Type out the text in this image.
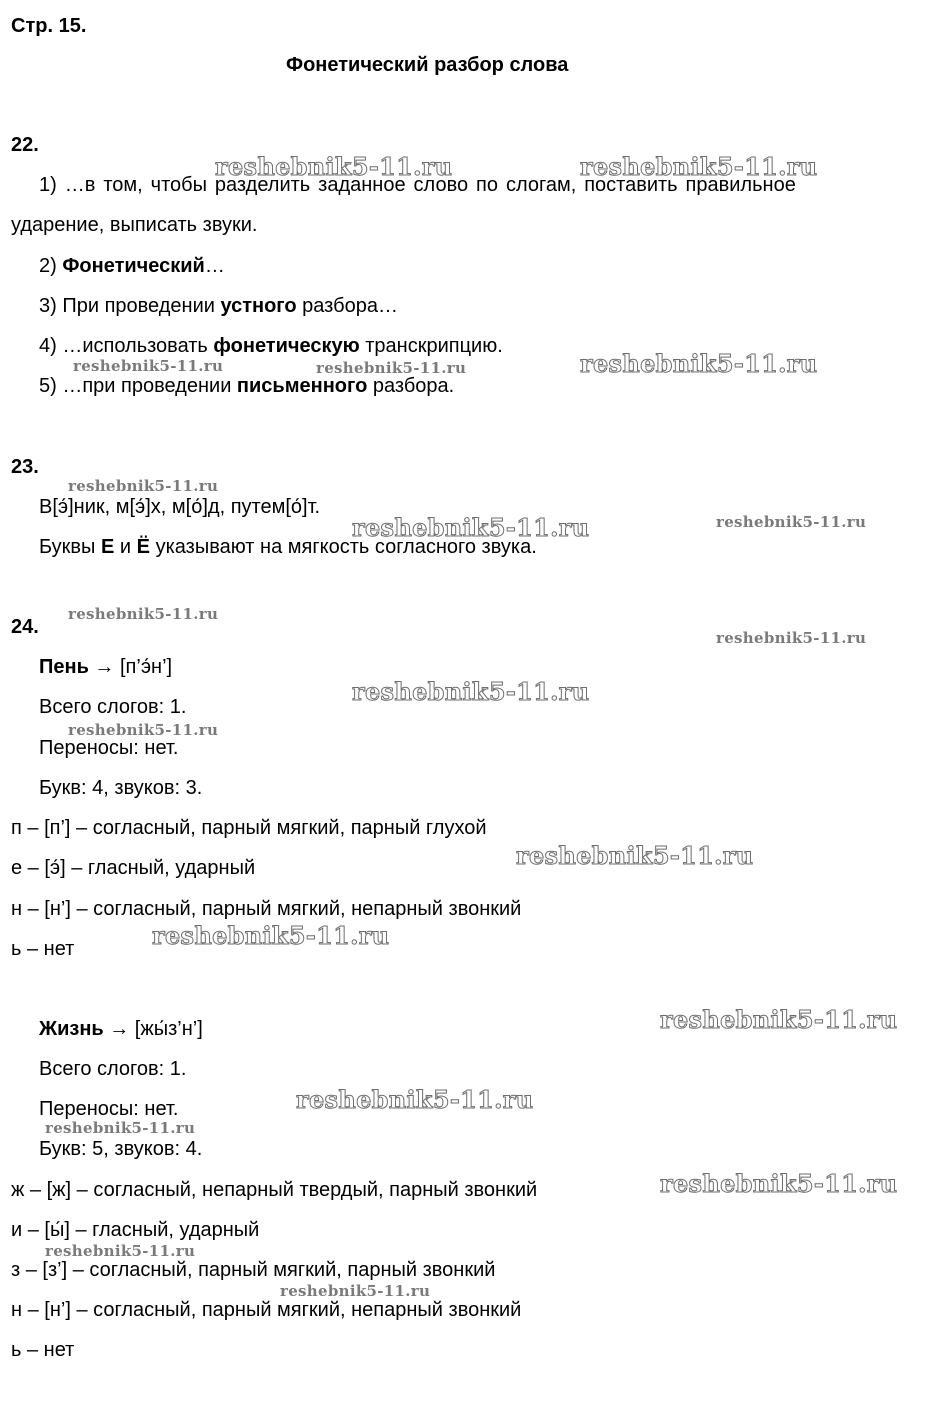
Стр. 15.
Фонетический разбор слова
22.
1) …в том, чтобы разделить заданное слово по слогам, поставить правильное
ударение, выписать звуки.
2) Фонетический…
3) При проведении устного разбора…
4) …использовать фонетическую транскрипцию.
5) …при проведении письменного разбора.
23.
В[э́]ник, м[э́]х, м[о́]д, путем[о́]т.
Буквы Е и Ё указывают на мягкость согласного звука.
24.
Пень → [п’э́н’]
Всего слогов: 1.
Переносы: нет.
Букв: 4, звуков: 3.
п – [п’] – согласный, парный мягкий, парный глухой
е – [э́] – гласный, ударный
н – [н’] – согласный, парный мягкий, непарный звонкий
ь – нет
Жизнь → [жы́з’н’]
Всего слогов: 1.
Переносы: нет.
Букв: 5, звуков: 4.
ж – [ж] – согласный, непарный твердый, парный звонкий
и – [ы́] – гласный, ударный
з – [з’] – согласный, парный мягкий, парный звонкий
н – [н’] – согласный, парный мягкий, непарный звонкий
ь – нет
reshebnik5-11.ru	reshebnik5-11.ru
reshebnik5-11.ru	reshebnik5-11.ru	reshebnik5-11.ru
reshebnik5-11.ru
reshebnik5-11.ru	reshebnik5-11.ru
reshebnik5-11.ru
reshebnik5-11.ru
reshebnik5-11.ru
reshebnik5-11.ru
reshebnik5-11.ru
reshebnik5-11.ru
reshebnik5-11.ru
reshebnik5-11.ru
reshebnik5-11.ru
reshebnik5-11.ru
reshebnik5-11.ru
reshebnik5-11.ru
